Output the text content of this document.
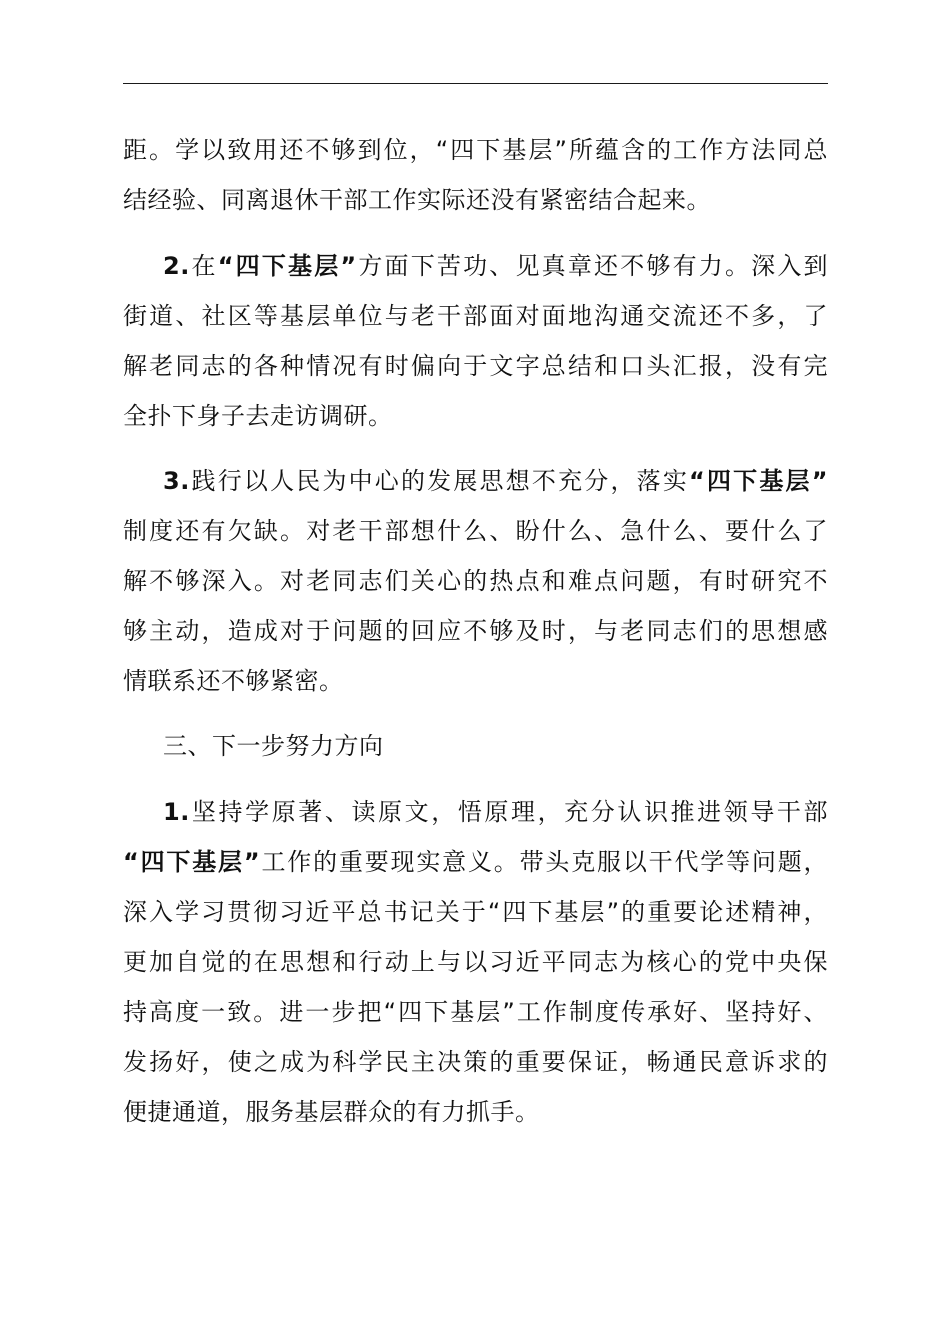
距。学以致用还不够到位，“四下基层”所蕴含的工作方法同总
结经验、同离退休干部工作实际还没有紧密结合起来。
2.在“四下基层”方面下苦功、见真章还不够有力。深入到
街道、社区等基层单位与老干部面对面地沟通交流还不多，了
解老同志的各种情况有时偏向于文字总结和口头汇报，没有完
全扑下身子去走访调研。
3.践行以人民为中心的发展思想不充分，落实“四下基层”
制度还有欠缺。对老干部想什么、盼什么、急什么、要什么了
解不够深入。对老同志们关心的热点和难点问题，有时研究不
够主动，造成对于问题的回应不够及时，与老同志们的思想感
情联系还不够紧密。
三、下一步努力方向
1.坚持学原著、读原文，悟原理，充分认识推进领导干部
“四下基层”工作的重要现实意义。带头克服以干代学等问题，
深入学习贯彻习近平总书记关于“四下基层”的重要论述精神，
更加自觉的在思想和行动上与以习近平同志为核心的党中央保
持高度一致。进一步把“四下基层”工作制度传承好、坚持好、
发扬好，使之成为科学民主决策的重要保证，畅通民意诉求的
便捷通道，服务基层群众的有力抓手。
